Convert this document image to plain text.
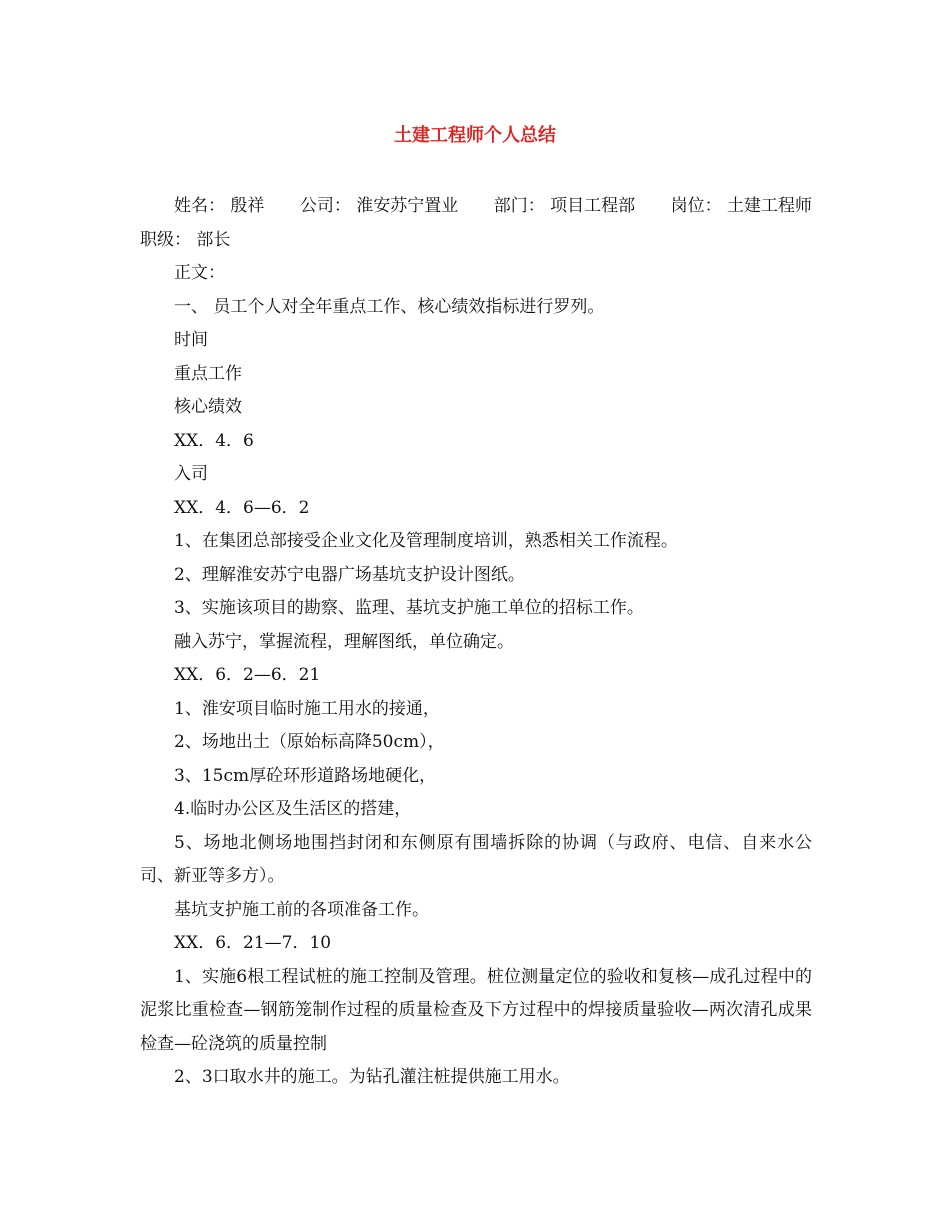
土建工程师个人总结
姓名： 殷祥 公司： 淮安苏宁置业 部门： 项目工程部 岗位： 土建工程师
职级： 部长

正文：

一、 员工个人对全年重点工作、核心绩效指标进行罗列。

时间

重点工作

核心绩效

XX．4．6

入司

XX．4．6—6．2

1、在集团总部接受企业文化及管理制度培训，熟悉相关工作流程。

2、理解淮安苏宁电器广场基坑支护设计图纸。

3、实施该项目的勘察、监理、基坑支护施工单位的招标工作。

融入苏宁，掌握流程，理解图纸，单位确定。

XX．6．2—6．21

1、淮安项目临时施工用水的接通，

2、场地出土（原始标高降50cm），

3、15cm厚砼环形道路场地硬化，

4.临时办公区及生活区的搭建，

5、场地北侧场地围挡封闭和东侧原有围墙拆除的协调（与政府、电信、自来水公司、新亚等多方）。

基坑支护施工前的各项准备工作。

XX．6．21—7．10

1、实施6根工程试桩的施工控制及管理。桩位测量定位的验收和复核—成孔过程中的泥浆比重检查—钢筋笼制作过程的质量检查及下方过程中的焊接质量验收—两次清孔成果检查—砼浇筑的质量控制

2、3口取水井的施工。为钻孔灌注桩提供施工用水。
